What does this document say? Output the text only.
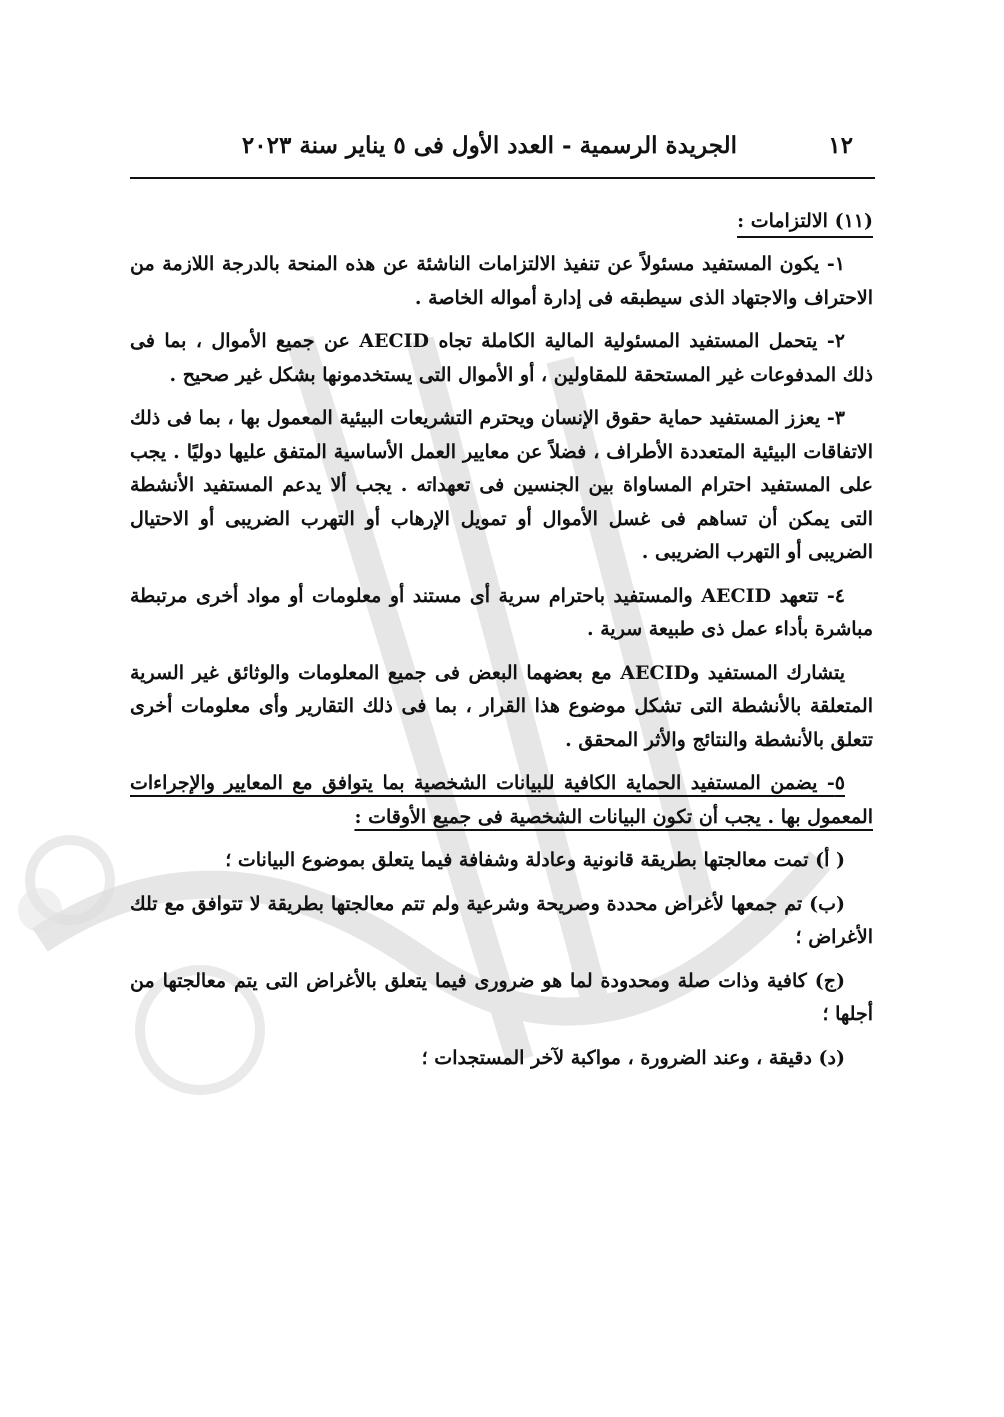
١٢
الجريدة الرسمية - العدد الأول فى ٥ يناير سنة ٢٠٢٣
(١١) الالتزامات :

١- يكون المستفيد مسئولاً عن تنفيذ الالتزامات الناشئة عن هذه المنحة بالدرجة اللازمة من الاحتراف والاجتهاد الذى سيطبقه فى إدارة أمواله الخاصة .

٢- يتحمل المستفيد المسئولية المالية الكاملة تجاه AECID عن جميع الأموال ، بما فى ذلك المدفوعات غير المستحقة للمقاولين ، أو الأموال التى يستخدمونها بشكل غير صحيح .

٣- يعزز المستفيد حماية حقوق الإنسان ويحترم التشريعات البيئية المعمول بها ، بما فى ذلك الاتفاقات البيئية المتعددة الأطراف ، فضلاً عن معايير العمل الأساسية المتفق عليها دوليًا . يجب على المستفيد احترام المساواة بين الجنسين فى تعهداته . يجب ألا يدعم المستفيد الأنشطة التى يمكن أن تساهم فى غسل الأموال أو تمويل الإرهاب أو التهرب الضريبى أو الاحتيال الضريبى أو التهرب الضريبى .

٤- تتعهد AECID والمستفيد باحترام سرية أى مستند أو معلومات أو مواد أخرى مرتبطة مباشرة بأداء عمل ذى طبيعة سرية .

يتشارك المستفيد وAECID مع بعضهما البعض فى جميع المعلومات والوثائق غير السرية المتعلقة بالأنشطة التى تشكل موضوع هذا القرار ، بما فى ذلك التقارير وأى معلومات أخرى تتعلق بالأنشطة والنتائج والأثر المحقق .

٥- يضمن المستفيد الحماية الكافية للبيانات الشخصية بما يتوافق مع المعايير والإجراءات المعمول بها . يجب أن تكون البيانات الشخصية فى جميع الأوقات :

( أ) تمت معالجتها بطريقة قانونية وعادلة وشفافة فيما يتعلق بموضوع البيانات ؛

(ب) تم جمعها لأغراض محددة وصريحة وشرعية ولم تتم معالجتها بطريقة لا تتوافق مع تلك الأغراض ؛

(ج) كافية وذات صلة ومحدودة لما هو ضرورى فيما يتعلق بالأغراض التى يتم معالجتها من أجلها ؛

(د) دقيقة ، وعند الضرورة ، مواكبة لآخر المستجدات ؛
